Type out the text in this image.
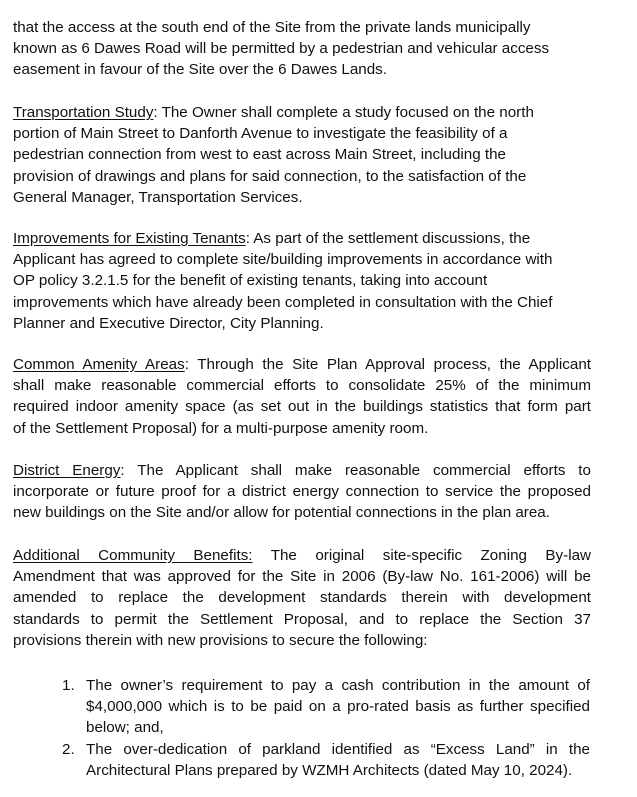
that the access at the south end of the Site from the private lands municipally
known as 6 Dawes Road will be permitted by a pedestrian and vehicular access
easement in favour of the Site over the 6 Dawes Lands.
Transportation Study: The Owner shall complete a study focused on the north
portion of Main Street to Danforth Avenue to investigate the feasibility of a
pedestrian connection from west to east across Main Street, including the
provision of drawings and plans for said connection, to the satisfaction of the
General Manager, Transportation Services.
Improvements for Existing Tenants: As part of the settlement discussions, the
Applicant has agreed to complete site/building improvements in accordance with
OP policy 3.2.1.5 for the benefit of existing tenants, taking into account
improvements which have already been completed in consultation with the Chief
Planner and Executive Director, City Planning.
Common Amenity Areas: Through the Site Plan Approval process, the Applicant
shall make reasonable commercial efforts to consolidate 25% of the minimum
required indoor amenity space (as set out in the buildings statistics that form part
of the Settlement Proposal) for a multi-purpose amenity room.
District Energy: The Applicant shall make reasonable commercial efforts to
incorporate or future proof for a district energy connection to service the proposed
new buildings on the Site and/or allow for potential connections in the plan area.
Additional Community Benefits: The original site-specific Zoning By-law
Amendment that was approved for the Site in 2006 (By-law No. 161-2006) will be
amended to replace the development standards therein with development
standards to permit the Settlement Proposal, and to replace the Section 37
provisions therein with new provisions to secure the following:
1. The owner’s requirement to pay a cash contribution in the amount of
$4,000,000 which is to be paid on a pro-rated basis as further specified
below; and,
2. The over-dedication of parkland identified as “Excess Land” in the
Architectural Plans prepared by WZMH Architects (dated May 10, 2024).
